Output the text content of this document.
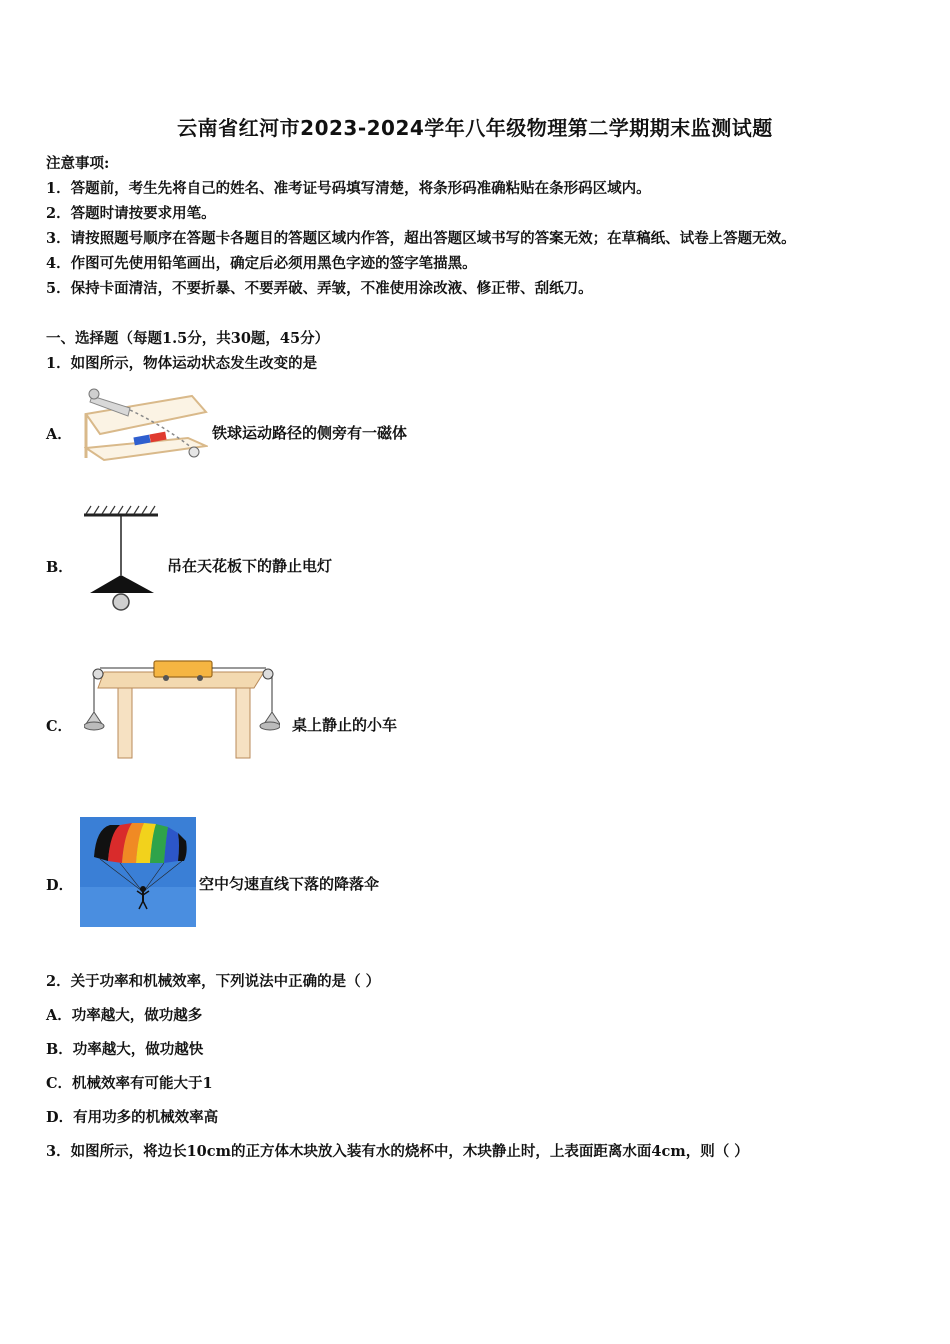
云南省红河市2023-2024学年八年级物理第二学期期末监测试题
注意事项:
1．答题前，考生先将自己的姓名、准考证号码填写清楚，将条形码准确粘贴在条形码区域内。
2．答题时请按要求用笔。
3．请按照题号顺序在答题卡各题目的答题区域内作答，超出答题区域书写的答案无效；在草稿纸、试卷上答题无效。
4．作图可先使用铅笔画出，确定后必须用黑色字迹的签字笔描黑。
5．保持卡面清洁，不要折暴、不要弄破、弄皱，不准使用涂改液、修正带、刮纸刀。
一、选择题（每题1.5分，共30题，45分）
1．如图所示，物体运动状态发生改变的是
A．	铁球运动路径的侧旁有一磁体
B．	吊在天花板下的静止电灯
C．	桌上静止的小车
D．	空中匀速直线下落的降落伞
2．关于功率和机械效率，下列说法中正确的是（ ）
A．功率越大，做功越多
B．功率越大，做功越快
C．机械效率有可能大于1
D．有用功多的机械效率高
3．如图所示，将边长10cm的正方体木块放入装有水的烧杯中，木块静止时，上表面距离水面4cm，则（ ）
